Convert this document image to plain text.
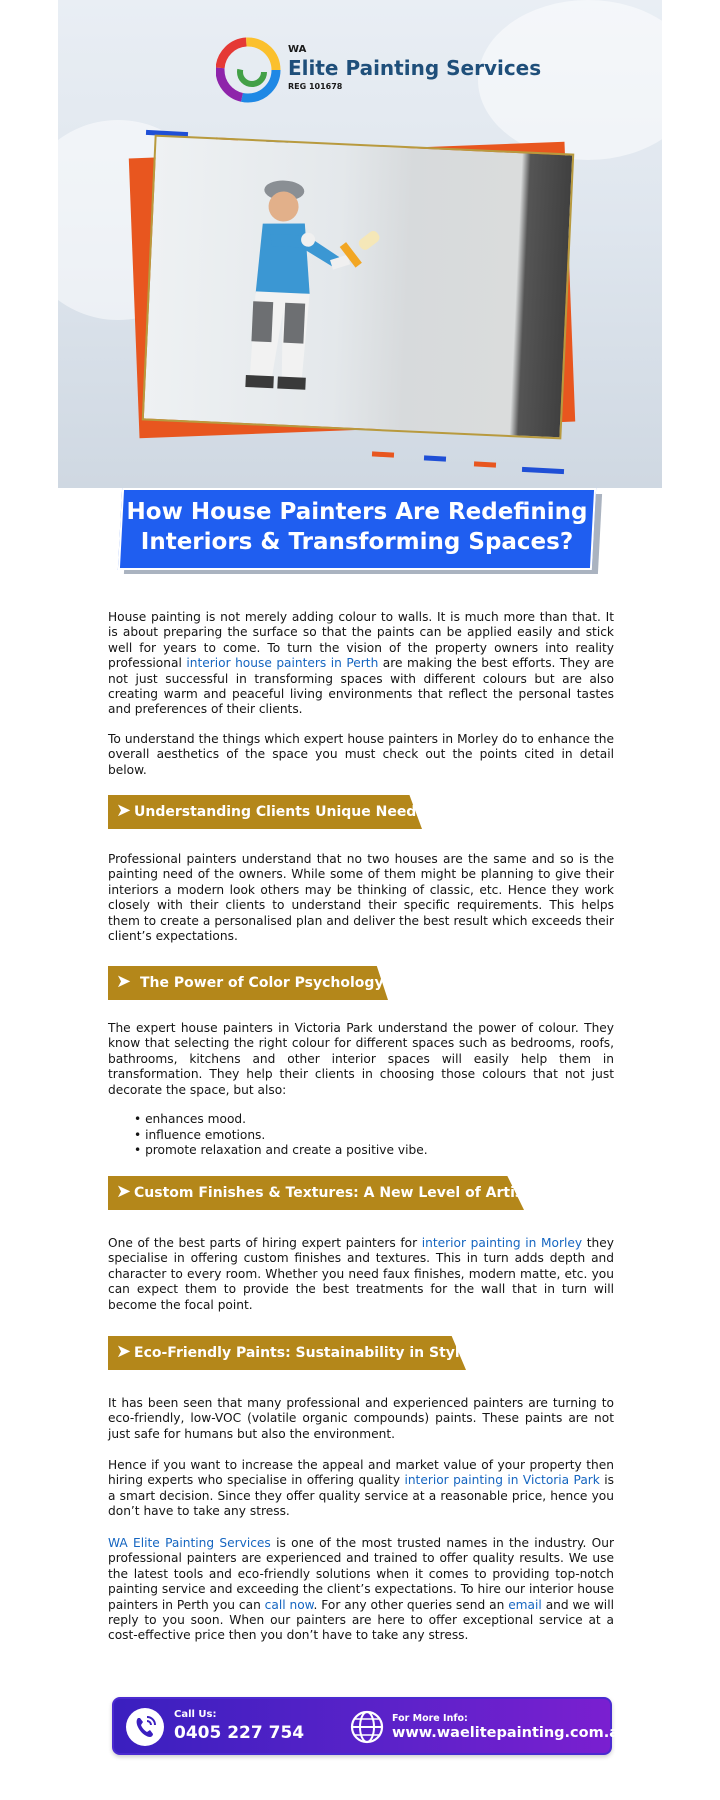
WA
Elite Painting Services
REG 101678
How House Painters Are Redefining
Interiors & Transforming Spaces?

House painting is not merely adding colour to walls. It is much more than that. It is about preparing the surface so that the paints can be applied easily and stick well for years to come. To turn the vision of the property owners into reality professional interior house painters in Perth are making the best efforts. They are not just successful in transforming spaces with different colours but are also creating warm and peaceful living environments that reflect the personal tastes and preferences of their clients.

To understand the things which expert house painters in Morley do to enhance the overall aesthetics of the space you must check out the points cited in detail below.

➤ Understanding Clients Unique Needs

Professional painters understand that no two houses are the same and so is the painting need of the owners. While some of them might be planning to give their interiors a modern look others may be thinking of classic, etc. Hence they work closely with their clients to understand their specific requirements. This helps them to create a personalised plan and deliver the best result which exceeds their client’s expectations.

➤ The Power of Color Psychology

The expert house painters in Victoria Park understand the power of colour. They know that selecting the right colour for different spaces such as bedrooms, roofs, bathrooms, kitchens and other interior spaces will easily help them in transformation. They help their clients in choosing those colours that not just decorate the space, but also:

• enhances mood.
• influence emotions.
• promote relaxation and create a positive vibe.
➤ Custom Finishes & Textures: A New Level of Artistry

One of the best parts of hiring expert painters for interior painting in Morley they specialise in offering custom finishes and textures. This in turn adds depth and character to every room. Whether you need faux finishes, modern matte, etc. you can expect them to provide the best treatments for the wall that in turn will become the focal point.

➤ Eco-Friendly Paints: Sustainability in Style

It has been seen that many professional and experienced painters are turning to eco-friendly, low-VOC (volatile organic compounds) paints. These paints are not just safe for humans but also the environment.

Hence if you want to increase the appeal and market value of your property then hiring experts who specialise in offering quality interior painting in Victoria Park is a smart decision. Since they offer quality service at a reasonable price, hence you don’t have to take any stress.

WA Elite Painting Services is one of the most trusted names in the industry. Our professional painters are experienced and trained to offer quality results. We use the latest tools and eco-friendly solutions when it comes to providing top-notch painting service and exceeding the client’s expectations. To hire our interior house painters in Perth you can call now. For any other queries send an email and we will reply to you soon. When our painters are here to offer exceptional service at a cost-effective price then you don’t have to take any stress.

Call Us:
0405 227 754
For More Info:
www.waelitepainting.com.au
